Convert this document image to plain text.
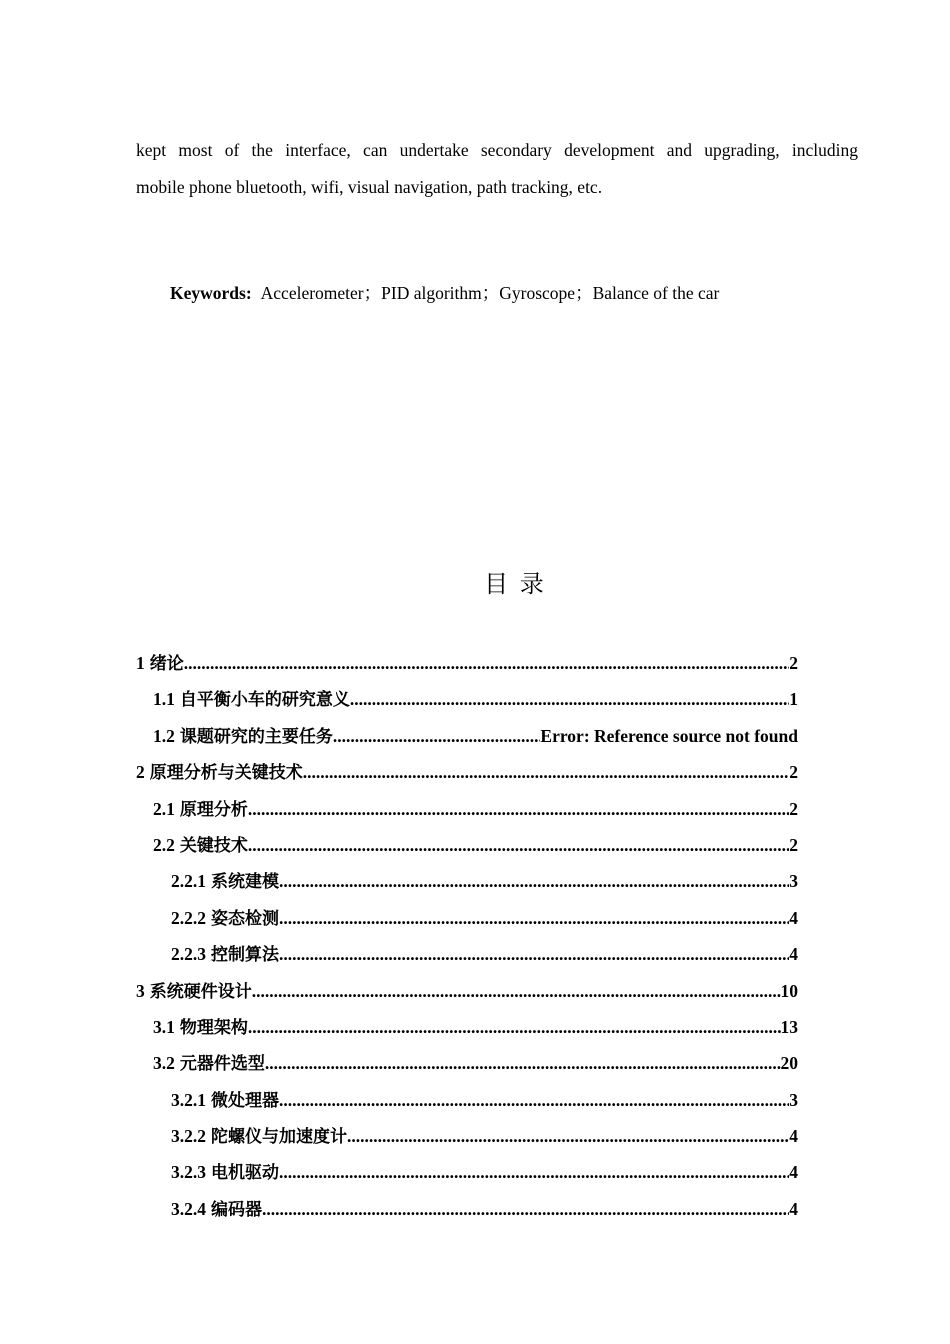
kept most of the interface, can undertake secondary development and upgrading, including
mobile phone bluetooth, wifi, visual navigation, path tracking, etc.
Keywords: Accelerometer；PID algorithm；Gyroscope；Balance of the car
目 录
1 绪论 .....	2
1.1 自平衡小车的研究意义 .....	1
1.2 课题研究的主要任务 .....	Error: Reference source not found
2 原理分析与关键技术 .....	2
2.1 原理分析 .....	2
2.2 关键技术 .....	2
2.2.1 系统建模 .....	3
2.2.2 姿态检测 .....	4
2.2.3 控制算法 .....	4
3 系统硬件设计 .....	10
3.1 物理架构 .....	13
3.2 元器件选型 .....	20
3.2.1 微处理器 .....	3
3.2.2 陀螺仪与加速度计 .....	4
3.2.3 电机驱动 .....	4
3.2.4 编码器 .....	4
